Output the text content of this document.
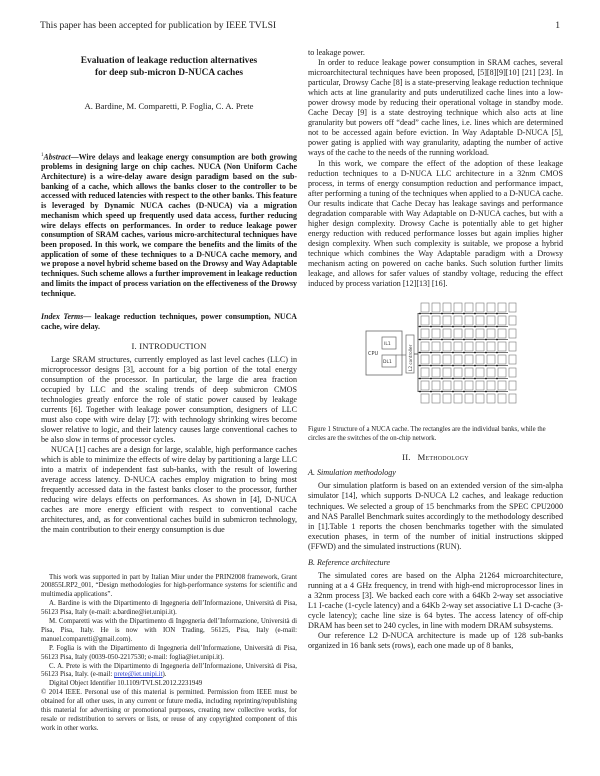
This paper has been accepted for publication by IEEE TVLSI	1
Evaluation of leakage reduction alternatives
for deep sub-micron D-NUCA caches
A. Bardine, M. Comparetti, P. Foglia, C. A. Prete

$^1$Abstract—Wire delays and leakage energy consumption are both growing problems in designing large on chip caches. NUCA (Non Uniform Cache Architecture) is a wire-delay aware design paradigm based on the sub-banking of a cache, which allows the banks closer to the controller to be accessed with reduced latencies with respect to the other banks. This feature is leveraged by Dynamic NUCA caches (D-NUCA) via a migration mechanism which speed up frequently used data access, further reducing wire delays effects on performances. In order to reduce leakage power consumption of SRAM caches, various micro-architectural techniques have been proposed. In this work, we compare the benefits and the limits of the application of some of these techniques to a D-NUCA cache memory, and we propose a novel hybrid scheme based on the Drowsy and Way Adaptable techniques. Such scheme allows a further improvement in leakage reduction and limits the impact of process variation on the effectiveness of the Drowsy technique.

Index Terms— leakage reduction techniques, power consumption, NUCA cache, wire delay.

I. INTRODUCTION

Large SRAM structures, currently employed as last level caches (LLC) in microprocessor designs [3], account for a big portion of the total energy consumption of the processor. In particular, the large die area fraction occupied by LLC and the scaling trends of deep submicron CMOS technologies greatly enforce the role of static power caused by leakage currents [6]. Together with leakage power consumption, designers of LLC must also cope with wire delay [7]: with technology shrinking wires become slower relative to logic, and their latency causes large conventional caches to be also slow in terms of processor cycles.

NUCA [1] caches are a design for large, scalable, high performance caches which is able to minimize the effects of wire delay by partitioning a large LLC into a matrix of independent fast sub-banks, with the result of lowering average access latency. D-NUCA caches employ migration to bring most frequently accessed data in the fastest banks closer to the processor, further reducing wire delays effects on performances. As shown in [4], D-NUCA caches are more energy efficient with respect to conventional cache architectures, and, as for conventional caches build in submicron technology, the main contribution to their energy consumption is due

This work was supported in part by Italian Miur under the PRIN2008 framework, Grant 200855LRP2_001, “Design methodologies for high-performance systems for scientific and multimedia applications”.

A. Bardine is with the Dipartimento di Ingegneria dell’Informazione, Università di Pisa, 56123 Pisa, Italy (e-mail: a.bardine@iet.unipi.it).

M. Comparetti was with the Dipartimento di Ingegneria dell’Informazione, Università di Pisa, Pisa, Italy. He is now with ION Trading, 56125, Pisa, Italy (e-mail: manuel.comparetti@gmail.com).

P. Foglia is with the Dipartimento di Ingegneria dell’Informazione, Università di Pisa, 56123 Pisa, Italy (0039-050-2217530; e-mail: foglia@iet.unipi.it).

C. A. Prete is with the Dipartimento di Ingegneria dell’Informazione, Università di Pisa, 56123 Pisa, Italy. (e-mail: prete@iet.unipi.it).

Digital Object Identifier 10.1109/TVLSI.2012.2231949

© 2014 IEEE. Personal use of this material is permitted. Permission from IEEE must be obtained for all other uses, in any current or future media, including reprinting/republishing this material for advertising or promotional purposes, creating new collective works, for resale or redistribution to servers or lists, or reuse of any copyrighted component of this work in other works.

to leakage power.

In order to reduce leakage power consumption in SRAM caches, several microarchitectural techniques have been proposed, [5][8][9][10] [21] [23]. In particular, Drowsy Cache [8] is a state-preserving leakage reduction technique which acts at line granularity and puts underutilized cache lines into a low-power drowsy mode by reducing their operational voltage in standby mode. Cache Decay [9] is a state destroying technique which also acts at line granularity but powers off “dead” cache lines, i.e. lines which are determined not to be accessed again before eviction. In Way Adaptable D-NUCA [5], power gating is applied with way granularity, adapting the number of active ways of the cache to the needs of the running workload.

In this work, we compare the effect of the adoption of these leakage reduction techniques to a D-NUCA LLC architecture in a 32nm CMOS process, in terms of energy consumption reduction and performance impact, after performing a tuning of the techniques when applied to a D-NUCA cache. Our results indicate that Cache Decay has leakage savings and performance degradation comparable with Way Adaptable on D-NUCA caches, but with a higher design complexity. Drowsy Cache is potentially able to get higher energy reduction with reduced performance losses but again implies higher design complexity. When such complexity is suitable, we propose a hybrid technique which combines the Way Adaptable paradigm with a Drowsy mechanism acting on powered on cache banks. Such solution further limits leakage, and allows for safer values of standby voltage, reducing the effect induced by process variation [12][13] [16].

CPU
IL1
DL1	L2 controller

Figure 1 Structure of a NUCA cache. The rectangles are the individual banks, while the circles are the switches of the on-chip network.

II. Methodology
A. Simulation methodology

Our simulation platform is based on an extended version of the sim-alpha simulator [14], which supports D-NUCA L2 caches, and leakage reduction techniques. We selected a group of 15 benchmarks from the SPEC CPU2000 and NAS Parallel Benchmark suites accordingly to the methodology described in [1].Table 1 reports the chosen benchmarks together with the simulated execution phases, in term of the number of initial instructions skipped (FFWD) and the simulated instructions (RUN).

B. Reference architecture

The simulated cores are based on the Alpha 21264 microarchitecture, running at a 4 GHz frequency, in trend with high-end microprocessor lines in a 32nm process [3]. We backed each core with a 64Kb 2-way set associative L1 I-cache (1-cycle latency) and a 64Kb 2-way set associative L1 D-cache (3-cycle latency); cache line size is 64 bytes. The access latency of off-chip DRAM has been set to 240 cycles, in line with modern DRAM subsystems.

Our reference L2 D-NUCA architecture is made up of 128 sub-banks organized in 16 bank sets (rows), each one made up of 8 banks,
